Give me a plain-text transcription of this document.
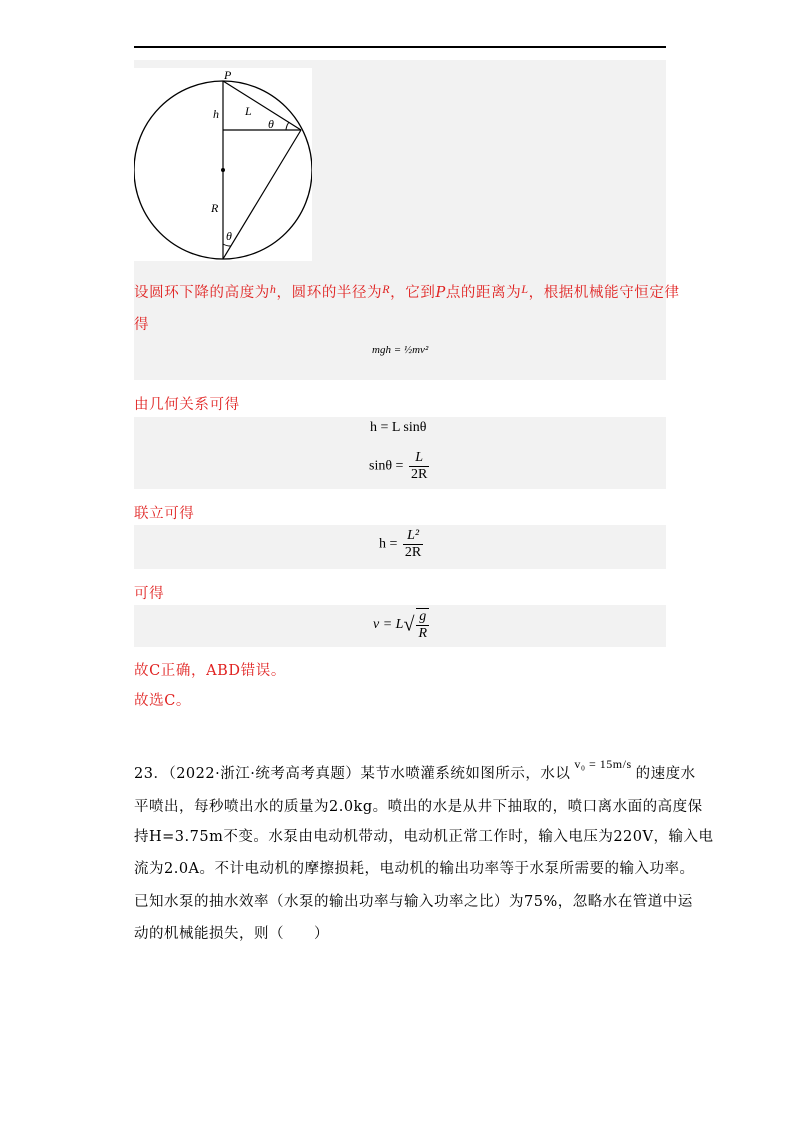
P
L
h
θ
R
θ
设圆环下降的高度为$^h$，圆环的半径为$^R$，它到P点的距离为$^L$，根据机械能守恒定律
得
mgh = ½mv²
由几何关系可得
h = L sinθ
$\sin\theta = \frac{L}{2R}$
联立可得
$h = \frac{\text{L²}}{2R}$
可得
$v = L√ \frac{g}{R}$
故C正确，ABD错误。
故选C。
23．（2022·浙江·统考高考真题）某节水喷灌系统如图所示，水以$^{v_0 = 15m/s}$的速度水
平喷出，每秒喷出水的质量为2.0kg。喷出的水是从井下抽取的，喷口离水面的高度保
持H=3.75m不变。水泵由电动机带动，电动机正常工作时，输入电压为220V，输入电
流为2.0A。不计电动机的摩擦损耗，电动机的输出功率等于水泵所需要的输入功率。
已知水泵的抽水效率（水泵的输出功率与输入功率之比）为75%，忽略水在管道中运
动的机械能损失，则（　　）
